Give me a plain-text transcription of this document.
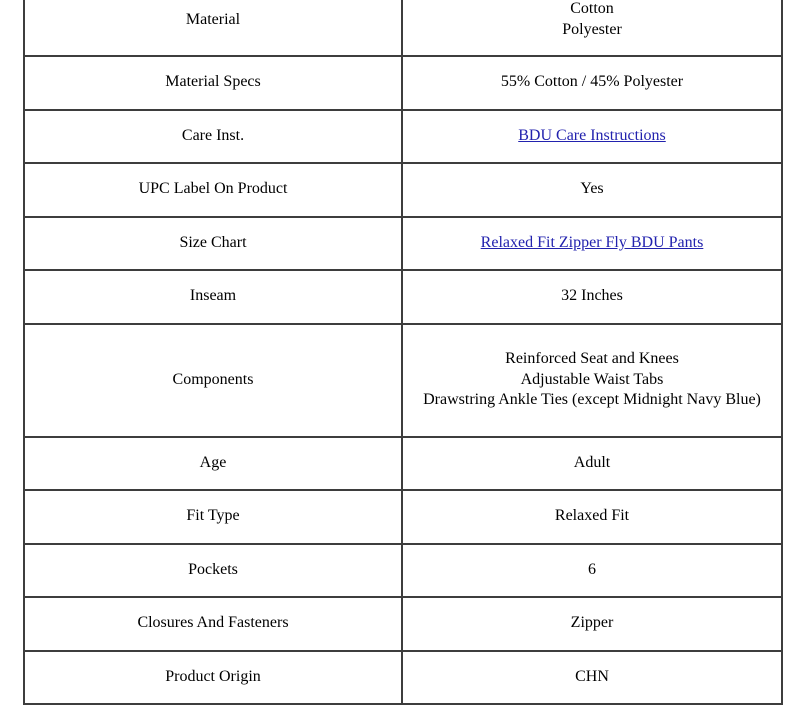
Material	Cotton
Polyester

Material Specs	55% Cotton / 45% Polyester

Care Inst.	BDU Care Instructions
UPC Label On Product	Yes

Size Chart	Relaxed Fit Zipper Fly BDU Pants
Inseam	32 Inches

Components	Reinforced Seat and Knees
Adjustable Waist Tabs
Drawstring Ankle Ties (except Midnight Navy Blue)

Age	Adult

Fit Type	Relaxed Fit

Pockets	6

Closures And Fasteners	Zipper

Product Origin	CHN
